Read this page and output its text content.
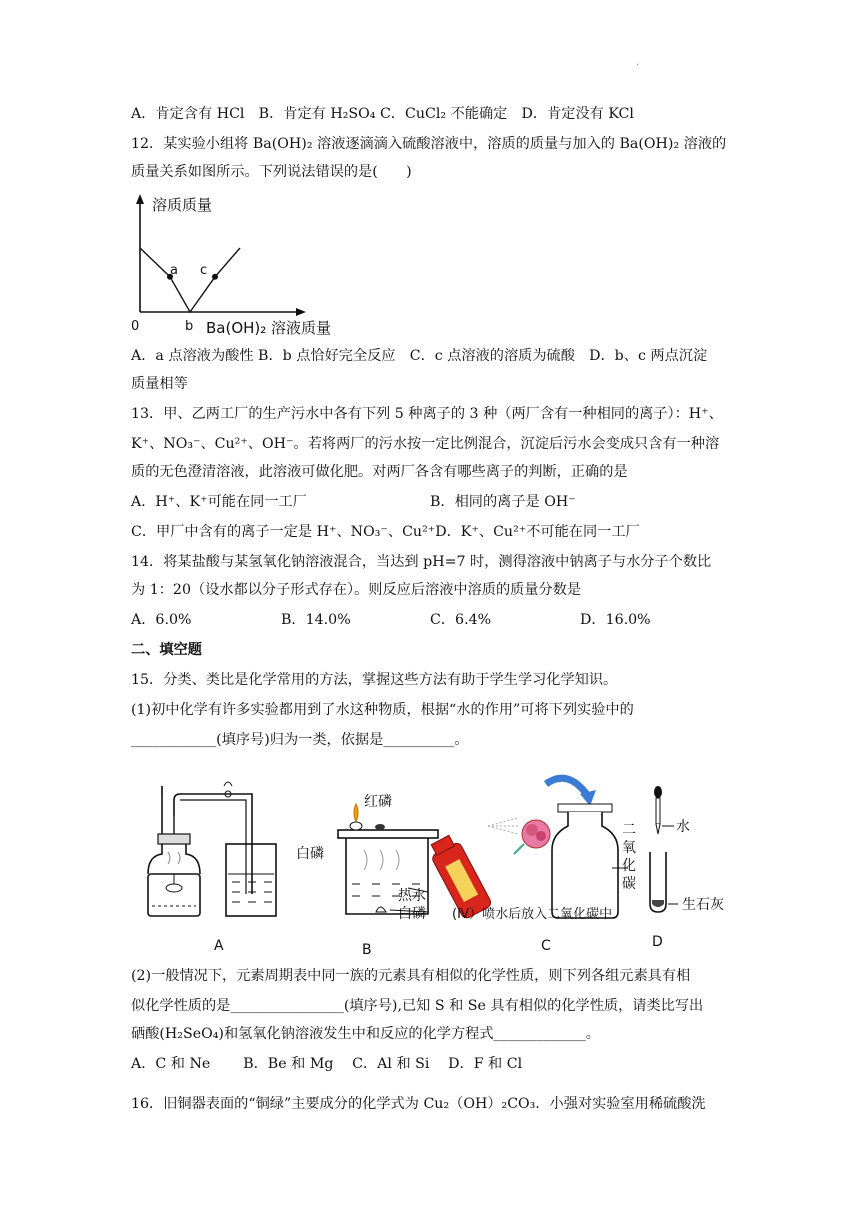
·
A．肯定含有 HCl　B．肯定有 H₂SO₄ C．CuCl₂ 不能确定　D．肯定没有 KCl
12．某实验小组将 Ba(OH)₂ 溶液逐滴滴入硫酸溶液中，溶质的质量与加入的 Ba(OH)₂ 溶液的
质量关系如图所示。下列说法错误的是(　　)
溶质质量
0	Ba(OH)₂ 溶液质量
a
b
c
A．a 点溶液为酸性 B．b 点恰好完全反应　C．c 点溶液的溶质为硫酸　D．b、c 两点沉淀
质量相等
13．甲、乙两工厂的生产污水中各有下列 5 种离子的 3 种（两厂含有一种相同的离子）：H⁺、
K⁺、NO₃⁻、Cu²⁺、OH⁻。若将两厂的污水按一定比例混合，沉淀后污水会变成只含有一种溶
质的无色澄清溶液，此溶液可做化肥。对两厂各含有哪些离子的判断，正确的是
A．H⁺、K⁺可能在同一工厂	B．相同的离子是 OH⁻
C．甲厂中含有的离子一定是 H⁺、NO₃⁻、Cu²⁺D．K⁺、Cu²⁺不可能在同一工厂
14．将某盐酸与某氢氧化钠溶液混合，当达到 pH=7 时，测得溶液中钠离子与水分子个数比
为 1：20（设水都以分子形式存在）。则反应后溶液中溶质的质量分数是
A．6.0%	B．14.0%	C．6.4%	D．16.0%
二、填空题
15．分类、类比是化学常用的方法，掌握这些方法有助于学生学习化学知识。
(1)初中化学有许多实验都用到了水这种物质，根据“水的作用”可将下列实验中的
____________(填序号)归为一类，依据是__________。
A
红磷
白磷
热水
白磷
B
(Ⅳ）喷水后放入二氧化碳中
C
二氧化碳
水
生石灰
D
(2)一般情况下，元素周期表中同一族的元素具有相似的化学性质，则下列各组元素具有相
似化学性质的是________________(填序号),已知 S 和 Se 具有相似的化学性质，请类比写出
硒酸(H₂SeO₄)和氢氧化钠溶液发生中和反应的化学方程式_____________。
A．C 和 Ne　　 B．Be 和 Mg　 C．Al 和 Si　 D．F 和 Cl
16．旧铜器表面的“铜绿”主要成分的化学式为 Cu₂（OH）₂CO₃．小强对实验室用稀硫酸洗
